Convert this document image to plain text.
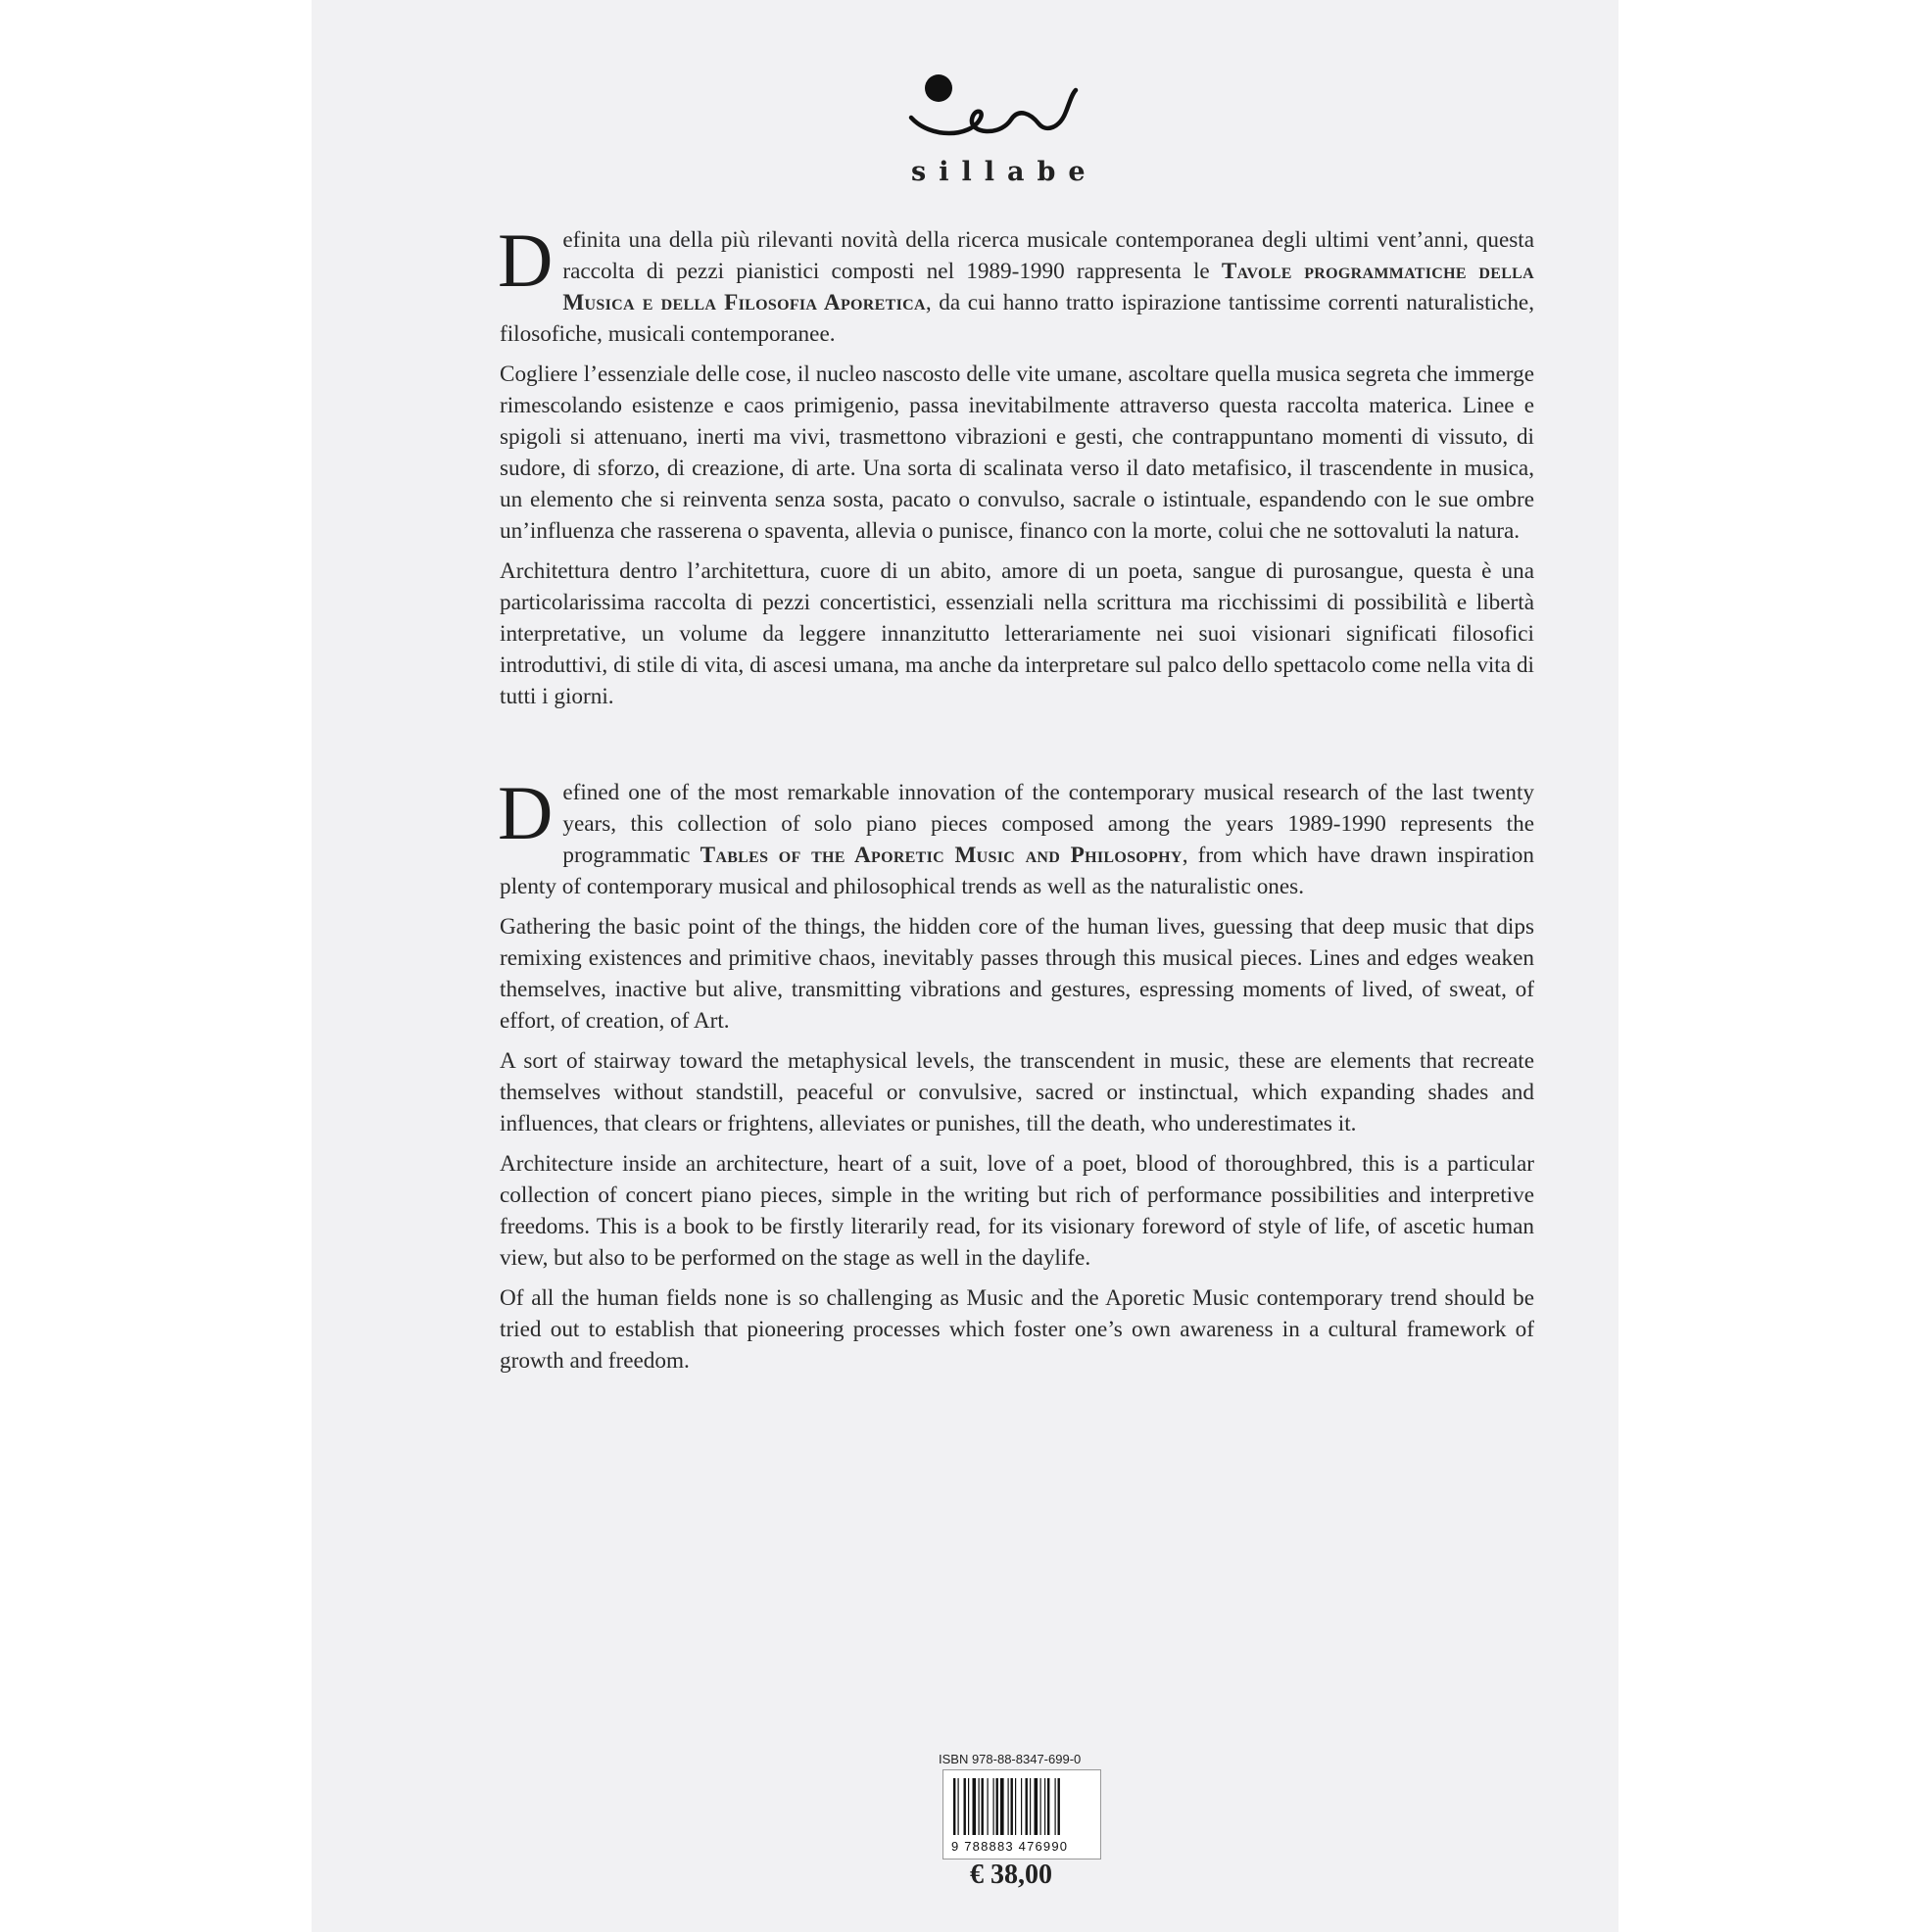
sillabe

Definita una della più rilevanti novità della ricerca musicale contemporanea degli ultimi vent’anni, questa raccolta di pezzi pianistici composti nel 1989-1990 rappresenta le Tavole programmatiche della Musica e della Filosofia Aporetica, da cui hanno tratto ispirazione tantissime correnti naturalistiche, filosofiche, musicali contemporanee.

Cogliere l’essenziale delle cose, il nucleo nascosto delle vite umane, ascoltare quella musica segreta che immerge rimescolando esistenze e caos primigenio, passa inevitabilmente attraverso questa raccolta materica. Linee e spigoli si attenuano, inerti ma vivi, trasmettono vibrazioni e gesti, che contrappuntano momenti di vissuto, di sudore, di sforzo, di creazione, di arte. Una sorta di scalinata verso il dato metafisico, il trascendente in musica, un elemento che si reinventa senza sosta, pacato o convulso, sacrale o istintuale, espandendo con le sue ombre un’influenza che rasserena o spaventa, allevia o punisce, financo con la morte, colui che ne sottovaluti la natura.

Architettura dentro l’architettura, cuore di un abito, amore di un poeta, sangue di purosangue, questa è una particolarissima raccolta di pezzi concertistici, essenziali nella scrittura ma ricchissimi di possibilità e libertà interpretative, un volume da leggere innanzitutto letterariamente nei suoi visionari significati filosofici introduttivi, di stile di vita, di ascesi umana, ma anche da interpretare sul palco dello spettacolo come nella vita di tutti i giorni.

Defined one of the most remarkable innovation of the contemporary musical research of the last twenty years, this collection of solo piano pieces composed among the years 1989-1990 represents the programmatic Tables of the Aporetic Music and Philosophy, from which have drawn inspiration plenty of contemporary musical and philosophical trends as well as the naturalistic ones.

Gathering the basic point of the things, the hidden core of the human lives, guessing that deep music that dips remixing existences and primitive chaos, inevitably passes through this musical pieces. Lines and edges weaken themselves, inactive but alive, transmitting vibrations and gestures, espressing moments of lived, of sweat, of effort, of creation, of Art.

A sort of stairway toward the metaphysical levels, the transcendent in music, these are elements that recreate themselves without standstill, peaceful or convulsive, sacred or instinctual, which expanding shades and influences, that clears or frightens, alleviates or punishes, till the death, who underestimates it.

Architecture inside an architecture, heart of a suit, love of a poet, blood of thoroughbred, this is a particular collection of concert piano pieces, simple in the writing but rich of performance possibilities and interpretive freedoms. This is a book to be firstly literarily read, for its visionary foreword of style of life, of ascetic human view, but also to be performed on the stage as well in the daylife.

Of all the human fields none is so challenging as Music and the Aporetic Music contemporary trend should be tried out to establish that pioneering processes which foster one’s own awareness in a cultural framework of growth and freedom.

ISBN 978-88-8347-699-0
9 788883 476990
€ 38,00
